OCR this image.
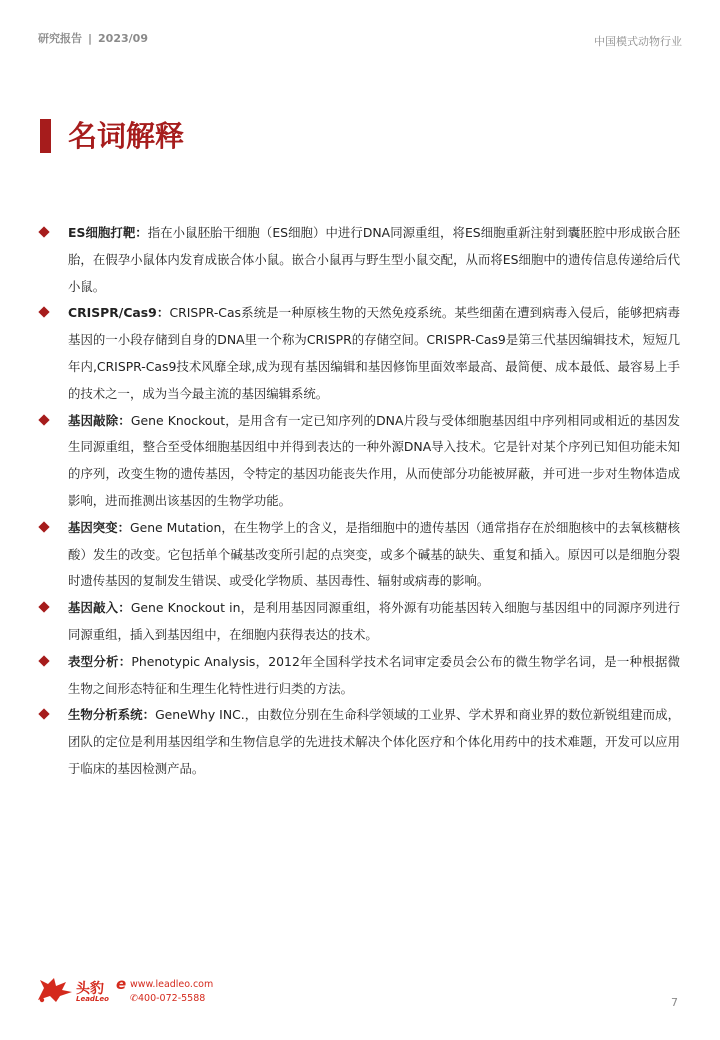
研究报告 | 2023/09	中国模式动物行业
名词解释
ES细胞打靶：指在小鼠胚胎干细胞（ES细胞）中进行DNA同源重组，将ES细胞重新注射到囊胚腔中形成嵌合胚胎，在假孕小鼠体内发育成嵌合体小鼠。嵌合小鼠再与野生型小鼠交配，从而将ES细胞中的遗传信息传递给后代小鼠。
CRISPR/Cas9：CRISPR-Cas系统是一种原核生物的天然免疫系统。某些细菌在遭到病毒入侵后，能够把病毒基因的一小段存储到自身的DNA里一个称为CRISPR的存储空间。CRISPR-Cas9是第三代基因编辑技术，短短几年内,CRISPR-Cas9技术风靡全球,成为现有基因编辑和基因修饰里面效率最高、最简便、成本最低、最容易上手的技术之一，成为当今最主流的基因编辑系统。
基因敲除：Gene Knockout，是用含有一定已知序列的DNA片段与受体细胞基因组中序列相同或相近的基因发生同源重组，整合至受体细胞基因组中并得到表达的一种外源DNA导入技术。它是针对某个序列已知但功能未知的序列，改变生物的遗传基因，令特定的基因功能丧失作用，从而使部分功能被屏蔽，并可进一步对生物体造成影响，进而推测出该基因的生物学功能。
基因突变：Gene Mutation，在生物学上的含义，是指细胞中的遗传基因（通常指存在於细胞核中的去氧核糖核酸）发生的改变。它包括单个碱基改变所引起的点突变，或多个碱基的缺失、重复和插入。原因可以是细胞分裂时遗传基因的复制发生错误、或受化学物质、基因毒性、辐射或病毒的影响。
基因敲入：Gene Knockout in，是利用基因同源重组，将外源有功能基因转入细胞与基因组中的同源序列进行同源重组，插入到基因组中，在细胞内获得表达的技术。
表型分析：Phenotypic Analysis，2012年全国科学技术名词审定委员会公布的微生物学名词，是一种根据微生物之间形态特征和生理生化特性进行归类的方法。
生物分析系统：GeneWhy INC.，由数位分别在生命科学领域的工业界、学术界和商业界的数位新锐组建而成，团队的定位是利用基因组学和生物信息学的先进技术解决个体化医疗和个体化用药中的技术难题，开发可以应用于临床的基因检测产品。
头豹
LeadLeo
e www.leadleo.com
✆400-072-5588	7
